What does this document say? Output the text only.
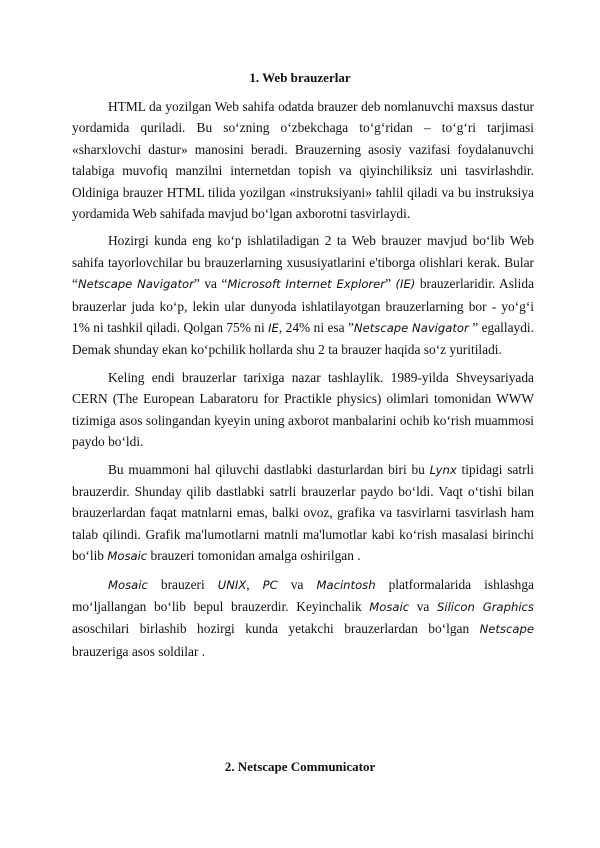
1. Web brauzerlar

HTML da yozilgan Web sahifa odatda brauzer deb nomlanuvchi maxsus dastur yordamida quriladi. Bu so‘zning o‘zbekchaga to‘g‘ridan – to‘g‘ri tarjimasi «sharxlovchi dastur» manosini beradi. Brauzerning asosiy vazifasi foydalanuvchi talabiga muvofiq manzilni internetdan topish va qiyinchiliksiz uni tasvirlashdir. Oldiniga brauzer HTML tilida yozilgan «instruksiyani» tahlil qiladi va bu instruksiya yordamida Web sahifada mavjud bo‘lgan axborotni tasvirlaydi.

Hozirgi kunda eng ko‘p ishlatiladigan 2 ta Web brauzer mavjud bo‘lib Web sahifa tayorlovchilar bu brauzerlarning xususiyatlarini e'tiborga olishlari kerak. Bular “Netscape Navigator” va “Microsoft Internet Explorer” (IE) brauzerlaridir. Aslida brauzerlar juda ko‘p, lekin ular dunyoda ishlatilayotgan brauzerlarning bor - yo‘g‘i 1% ni tashkil qiladi. Qolgan 75% ni IE, 24% ni esa ”Netscape Navigator ” egallaydi. Demak shunday ekan ko‘pchilik hollarda shu 2 ta brauzer haqida so‘z yuritiladi.

Keling endi brauzerlar tarixiga nazar tashlaylik. 1989-yilda Shveysariyada CERN (The European Labaratoru for Practikle physics) olimlari tomonidan WWW tizimiga asos solingandan kyeyin uning axborot manbalarini ochib ko‘rish muammosi paydo bo‘ldi.

Bu muammoni hal qiluvchi dastlabki dasturlardan biri bu Lynx tipidagi satrli brauzerdir. Shunday qilib dastlabki satrli brauzerlar paydo bo‘ldi. Vaqt o‘tishi bilan brauzerlardan faqat matnlarni emas, balki ovoz, grafika va tasvirlarni tasvirlash ham talab qilindi. Grafik ma'lumotlarni matnli ma'lumotlar kabi ko‘rish masalasi birinchi bo‘lib Mosaic brauzeri tomonidan amalga oshirilgan .

Mosaic brauzeri UNIX, PC va Macintosh platformalarida ishlashga mo‘ljallangan bo‘lib bepul brauzerdir. Keyinchalik Mosaic va Silicon Graphics asoschilari birlashib hozirgi kunda yetakchi brauzerlardan bo‘lgan Netscape brauzeriga asos soldilar .

2. Netscape Communicator
